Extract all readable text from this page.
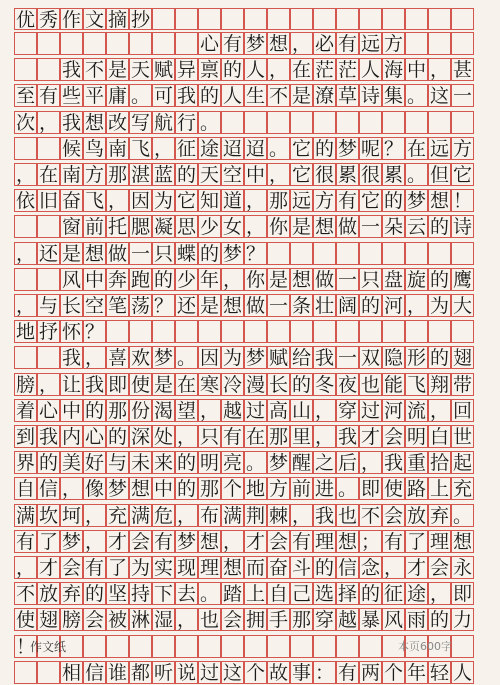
优 秀 作 文 摘 抄
心 有 梦 想 ， 必 有 远 方
我 不 是 天 赋 异 禀 的 人 ， 在 茫 茫 人 海 中 ， 甚
至 有 些 平 庸 。 可 我 的 人 生 不 是 潦 草 诗 集 。 这 一
次 ， 我 想 改 写 航 行 。
候 鸟 南 飞 ， 征 途 迢 迢 。 它 的 梦 呢 ？ 在 远 方
， 在 南 方 那 湛 蓝 的 天 空 中 ， 它 很 累 很 累 。 但 它
依 旧 奋 飞 ， 因 为 它 知 道 ， 那 远 方 有 它 的 梦 想 ！
窗 前 托 腮 凝 思 少 女 ， 你 是 想 做 一 朵 云 的 诗
， 还 是 想 做 一 只 蝶 的 梦 ？
风 中 奔 跑 的 少 年 ， 你 是 想 做 一 只 盘 旋 的 鹰
， 与 长 空 笔 荡 ？ 还 是 想 做 一 条 壮 阔 的 河 ， 为 大
地 抒 怀 ？
我 ， 喜 欢 梦 。 因 为 梦 赋 给 我 一 双 隐 形 的 翅
膀 ， 让 我 即 使 是 在 寒 冷 漫 长 的 冬 夜 也 能 飞 翔 带
着 心 中 的 那 份 渴 望 ， 越 过 高 山 ， 穿 过 河 流 ， 回
到 我 内 心 的 深 处 ， 只 有 在 那 里 ， 我 才 会 明 白 世
界 的 美 好 与 未 来 的 明 亮 。 梦 醒 之 后 ， 我 重 拾 起
自 信 ， 像 梦 想 中 的 那 个 地 方 前 进 。 即 使 路 上 充
满 坎 坷 ， 充 满 危 ， 布 满 荆 棘 ， 我 也 不 会 放 弃 。
有 了 梦 ， 才 会 有 梦 想 ， 才 会 有 理 想 ； 有 了 理 想
， 才 会 有 了 为 实 现 理 想 而 奋 斗 的 信 念 ， 才 会 永
不 放 弃 的 坚 持 下 去 。 踏 上 自 己 选 择 的 征 途 ， 即
使 翅 膀 会 被 淋 湿 ， 也 会 拥 手 那 穿 越 暴 风 雨 的 力
！
相 信 谁 都 听 说 过 这 个 故 事 ： 有 两 个 年 轻 人
作文纸	本页600字
